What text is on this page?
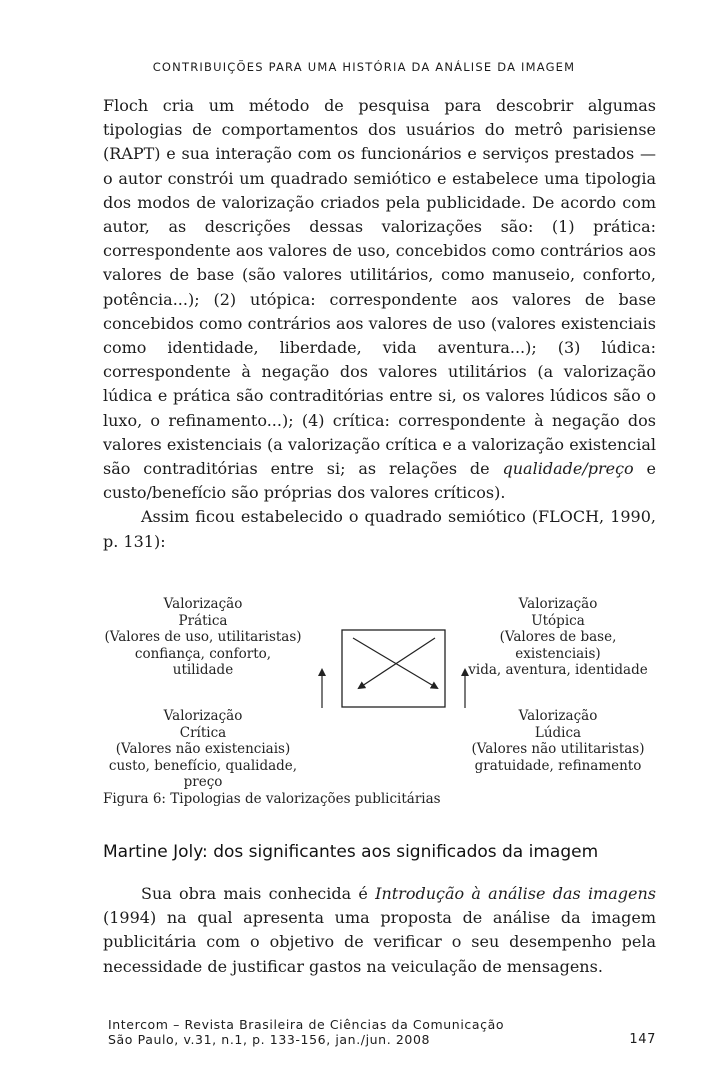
CONTRIBUIÇÕES PARA UMA HISTÓRIA DA ANÁLISE DA IMAGEM

Floch cria um método de pesquisa para descobrir algumas tipologias de comportamentos dos usuários do metrô parisiense (RAPT) e sua interação com os funcionários e serviços prestados — o autor constrói um quadrado semiótico e estabelece uma tipologia dos modos de valorização criados pela publicidade. De acordo com autor, as descrições dessas valorizações são: (1) prática: correspondente aos valores de uso, concebidos como contrários aos valores de base (são valores utilitários, como manuseio, conforto, potência...); (2) utópica: correspondente aos valores de base concebidos como contrários aos valores de uso (valores existenciais como identidade, liberdade, vida aventura...); (3) lúdica: correspondente à negação dos valores utilitários (a valorização lúdica e prática são contraditórias entre si, os valores lúdicos são o luxo, o refinamento...); (4) crítica: correspondente à negação dos valores existenciais (a valorização crítica e a valorização existencial são contraditórias entre si; as relações de qualidade/preço e custo/benefício são próprias dos valores críticos).

Assim ficou estabelecido o quadrado semiótico (FLOCH, 1990, p. 131):

Valorização
Prática
(Valores de uso, utilitaristas)
confiança, conforto, utilidade
Valorização
Utópica
(Valores de base, existenciais)
vida, aventura, identidade
Valorização
Crítica
(Valores não existenciais)
custo, benefício, qualidade, preço
Valorização
Lúdica
(Valores não utilitaristas)
gratuidade, refinamento
Figura 6: Tipologias de valorizações publicitárias
Martine Joly: dos significantes aos significados da imagem

Sua obra mais conhecida é Introdução à análise das imagens (1994) na qual apresenta uma proposta de análise da imagem publicitária com o objetivo de verificar o seu desempenho pela necessidade de justificar gastos na veiculação de mensagens.

Intercom – Revista Brasileira de Ciências da Comunicação
São Paulo, v.31, n.1, p. 133-156, jan./jun. 2008	147
